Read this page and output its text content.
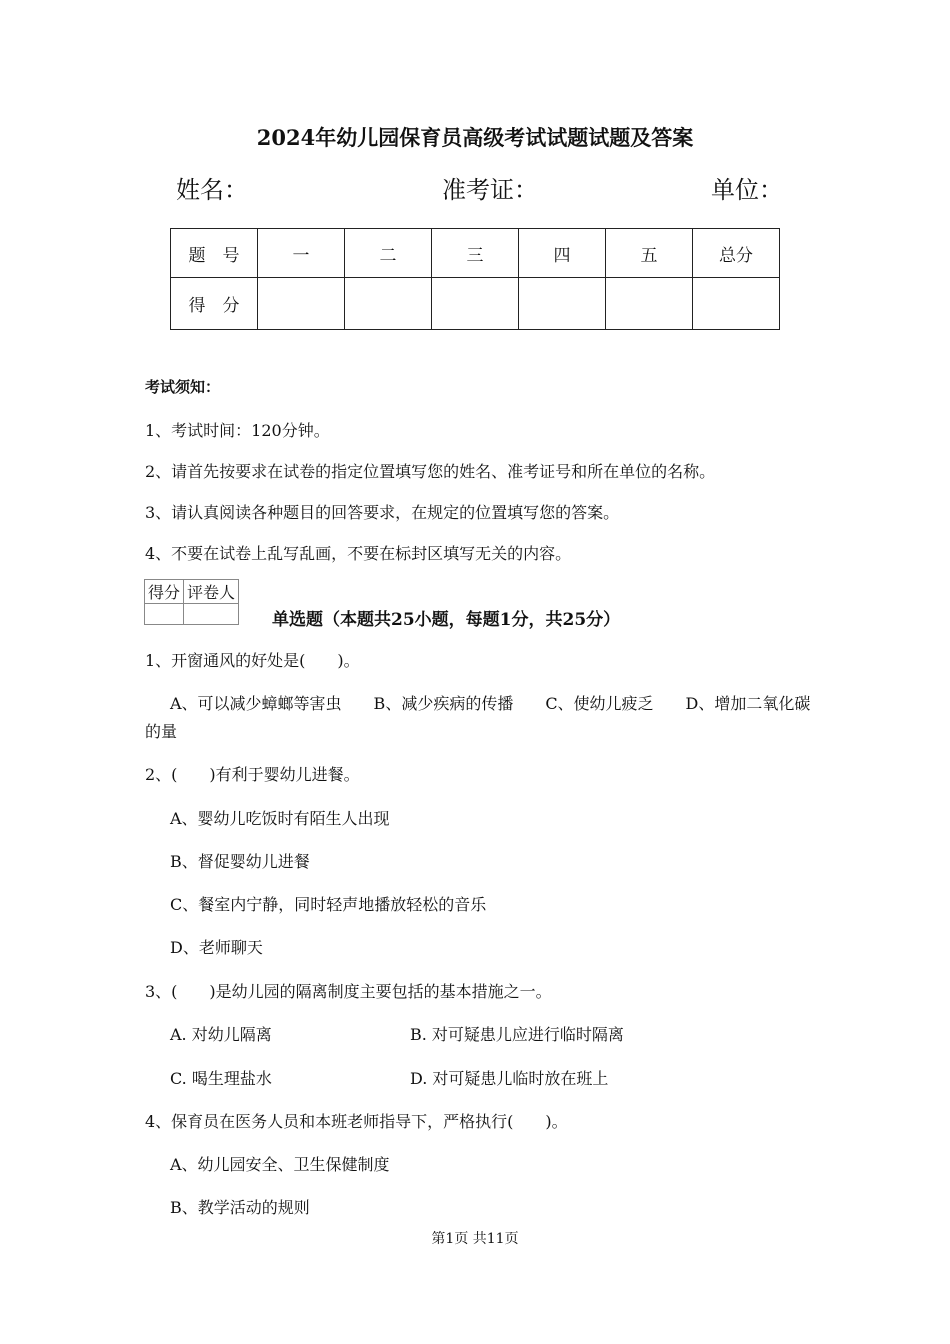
2024年幼儿园保育员高级考试试题试题及答案
姓名：	准考证：	单位：
题　号	一	二	三	四	五	总分
得　分						
考试须知：
1、考试时间：120分钟。
2、请首先按要求在试卷的指定位置填写您的姓名、准考证号和所在单位的名称。
3、请认真阅读各种题目的回答要求，在规定的位置填写您的答案。
4、不要在试卷上乱写乱画，不要在标封区填写无关的内容。
得分	评卷人

单选题（本题共25小题，每题1分，共25分）
1、开窗通风的好处是(　　)。
A、可以减少蟑螂等害虫　　B、减少疾病的传播　　C、使幼儿疲乏　　D、增加二氧化碳
的量
2、(　　)有利于婴幼儿进餐。
A、婴幼儿吃饭时有陌生人出现
B、督促婴幼儿进餐
C、餐室内宁静，同时轻声地播放轻松的音乐
D、老师聊天
3、(　　)是幼儿园的隔离制度主要包括的基本措施之一。
A. 对幼儿隔离	B. 对可疑患儿应进行临时隔离
C. 喝生理盐水	D. 对可疑患儿临时放在班上
4、保育员在医务人员和本班老师指导下，严格执行(　　)。
A、幼儿园安全、卫生保健制度
B、教学活动的规则
第1页 共11页
